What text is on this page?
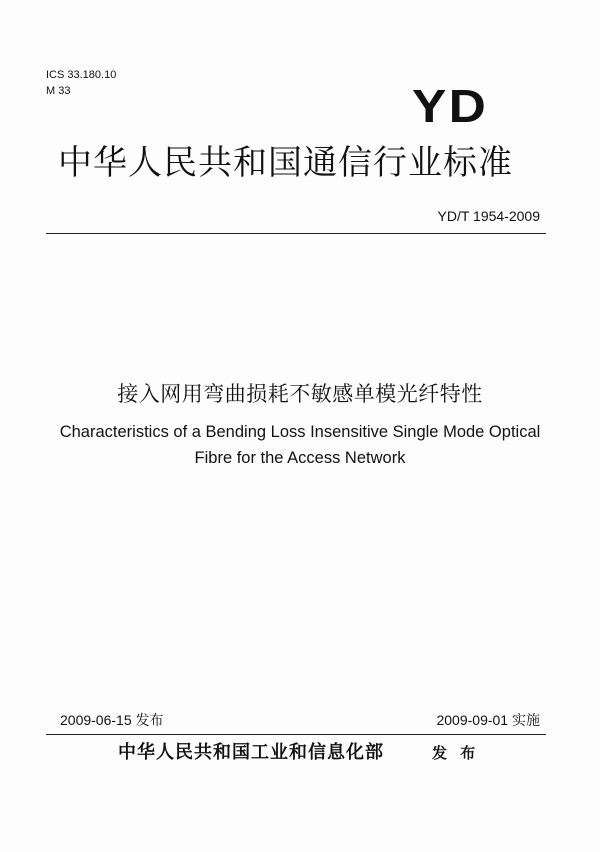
ICS 33.180.10
M 33	YD
中华人民共和国通信行业标准
YD/T 1954-2009
接入网用弯曲损耗不敏感单模光纤特性
Characteristics of a Bending Loss Insensitive Single Mode Optical
Fibre for the Access Network
2009-06-15 发布	2009-09-01 实施
中华人民共和国工业和信息化部	发 布
